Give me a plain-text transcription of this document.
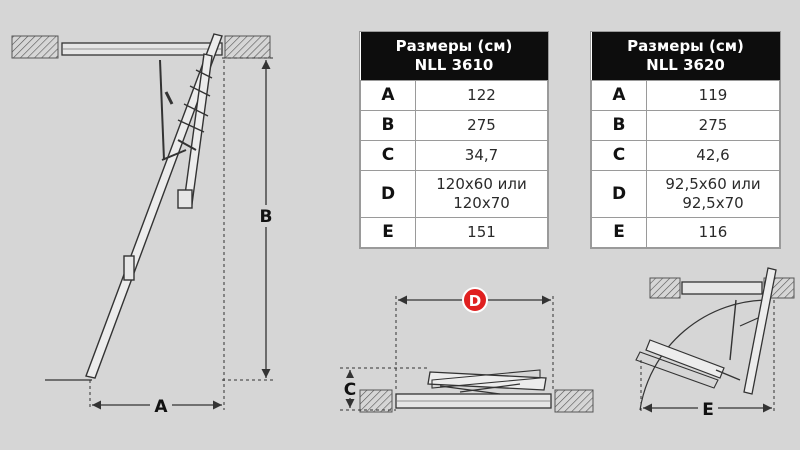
B
A
D
C
E
Размеры (см)
NLL 3610	

A	122
B	275
C	34,7
D	120x60 или
120x70

E	151
Размеры (см)
NLL 3620	

A	119
B	275
C	42,6
D	92,5x60 или
92,5x70

E	116
